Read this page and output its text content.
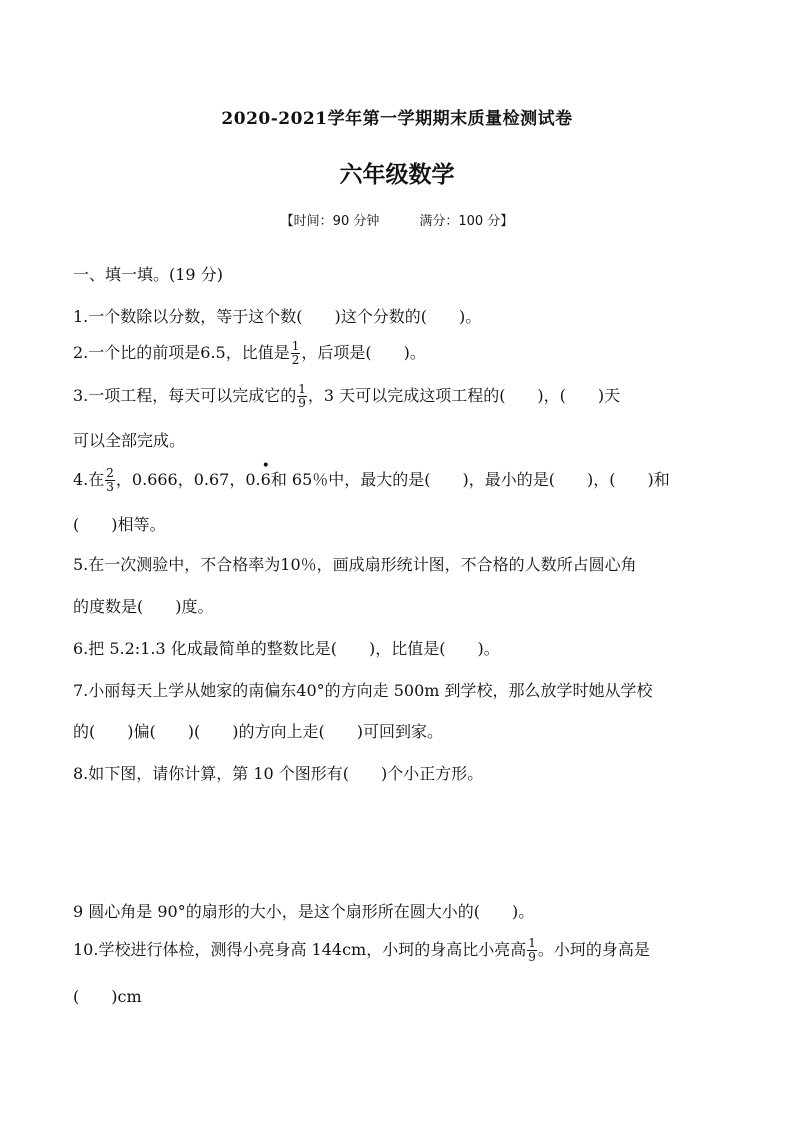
2020-2021学年第一学期期末质量检测试卷
六年级数学
【时间：90 分钟	满分：100 分】
一、填一填。(19 分)
1.一个数除以分数，等于这个数(　　)这个分数的(　　)。
2.一个比的前项是6.5，比值是 $\frac{1}{2}$ ，后项是(　　)。
3.一项工程，每天可以完成它的 $\frac{1}{9}$ ，3 天可以完成这项工程的(　　)，(　　)天
可以全部完成。
4.在 $\frac{2}{3}$ ，0.666，0.67，0.
•
6和 65％中，最大的是(　　)，最小的是(　　)，(　　)和
(　　)相等。
5.在一次测验中，不合格率为10％，画成扇形统计图，不合格的人数所占圆心角
的度数是(　　)度。
6.把 5.2:1.3 化成最简单的整数比是(　　)，比值是(　　)。
7.小丽每天上学从她家的南偏东40°的方向走 500m 到学校，那么放学时她从学校
的(　　)偏(　　)(　　)的方向上走(　　)可回到家。
8.如下图，请你计算，第 10 个图形有(　　)个小正方形。
9 圆心角是 90°的扇形的大小，是这个扇形所在圆大小的(　　)。
10.学校进行体检，测得小亮身高 144cm，小珂的身高比小亮高 $\frac{1}{9}$ 。小珂的身高是
(　　)cm
